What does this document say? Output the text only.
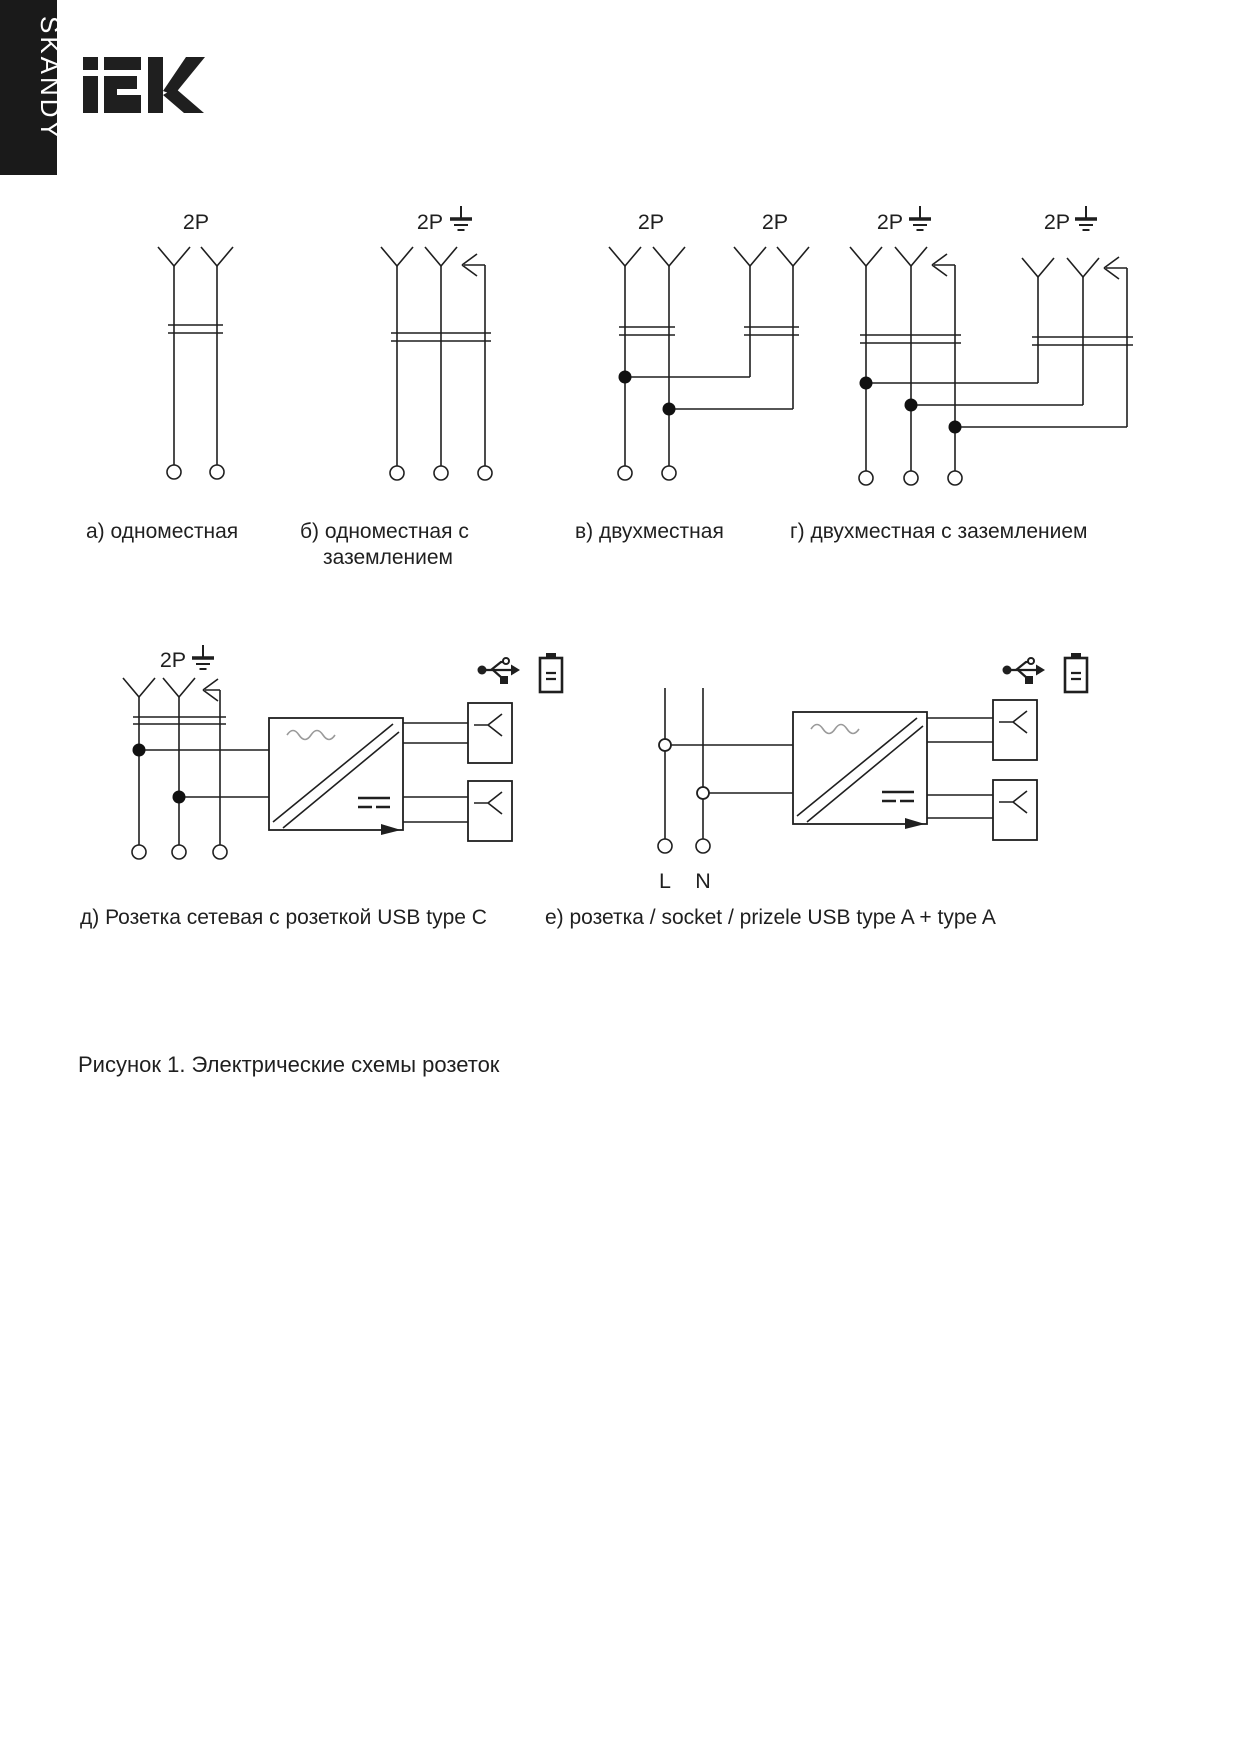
SKANDY
2P
а) одноместная
2P
б) одноместная с
заземлением
2P	2P
в) двухместная
2P	2P
г) двухместная с заземлением
2P
д) Розетка сетевая с розеткой USB type C
L N
е) розетка / socket / prizele USB type A + type A
Рисунок 1. Электрические схемы розеток
